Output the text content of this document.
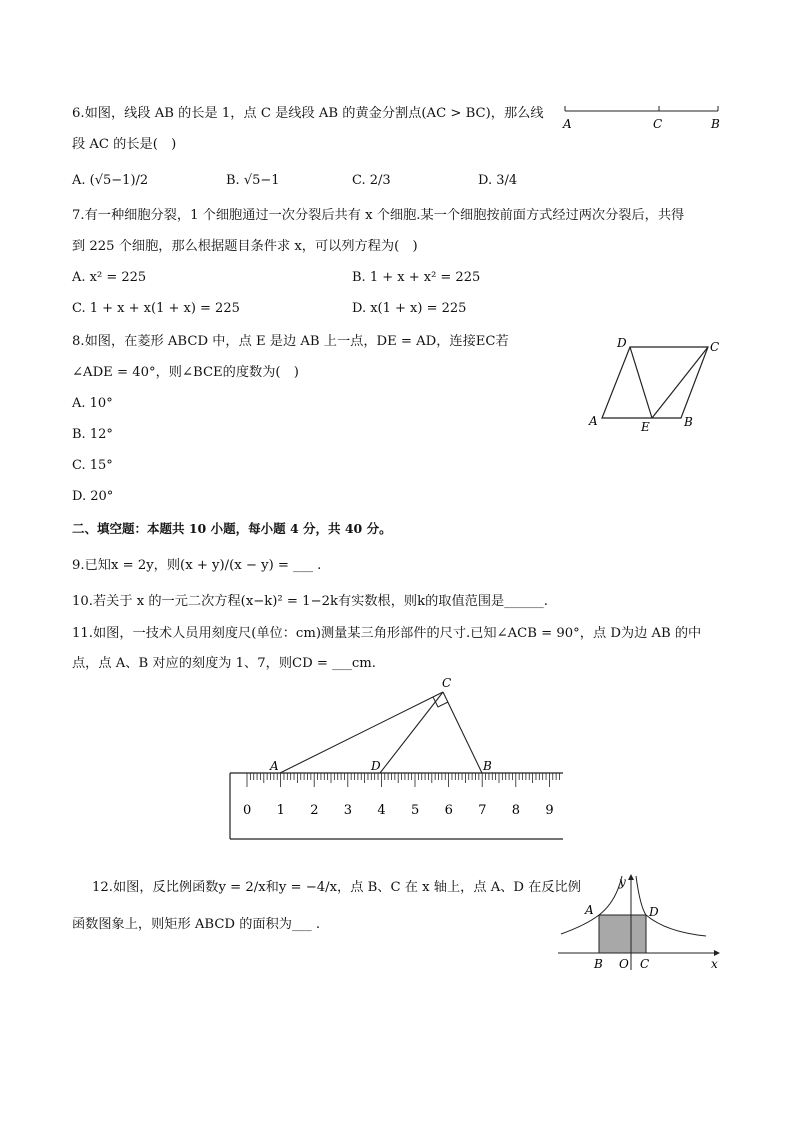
6.如图，线段 AB 的长是 1，点 C 是线段 AB 的黄金分割点(AC > BC)，那么线
段 AC 的长是(　)
A. (√5−1)/2	B. √5−1	C. 2/3	D. 3/4
A	C	B
7.有一种细胞分裂，1 个细胞通过一次分裂后共有 x 个细胞.某一个细胞按前面方式经过两次分裂后，共得
到 225 个细胞，那么根据题目条件求 x，可以列方程为(　)
A. x² = 225	B. 1 + x + x² = 225
C. 1 + x + x(1 + x) = 225	D. x(1 + x) = 225
8.如图，在菱形 ABCD 中，点 E 是边 AB 上一点，DE = AD，连接EC若
∠ADE = 40°，则∠BCE的度数为(　)
A. 10°
B. 12°
C. 15°
D. 20°
D	C
A	E	B
二、填空题：本题共 10 小题，每小题 4 分，共 40 分。
9.已知x = 2y，则(x + y)/(x − y) = ___ .
10.若关于 x 的一元二次方程(x−k)² = 1−2k有实数根，则k的取值范围是______.
11.如图，一技术人员用刻度尺(单位：cm)测量某三角形部件的尺寸.已知∠ACB = 90°，点 D为边 AB 的中
点，点 A、B 对应的刻度为 1、7，则CD = ___cm.
C
A	D	B
0 1 2 3 4 5 6 7 8 9
12.如图，反比例函数y = 2/x和y = −4/x，点 B、C 在 x 轴上，点 A、D 在反比例
函数图象上，则矩形 ABCD 的面积为___ .
y
A	D
B O C	x
